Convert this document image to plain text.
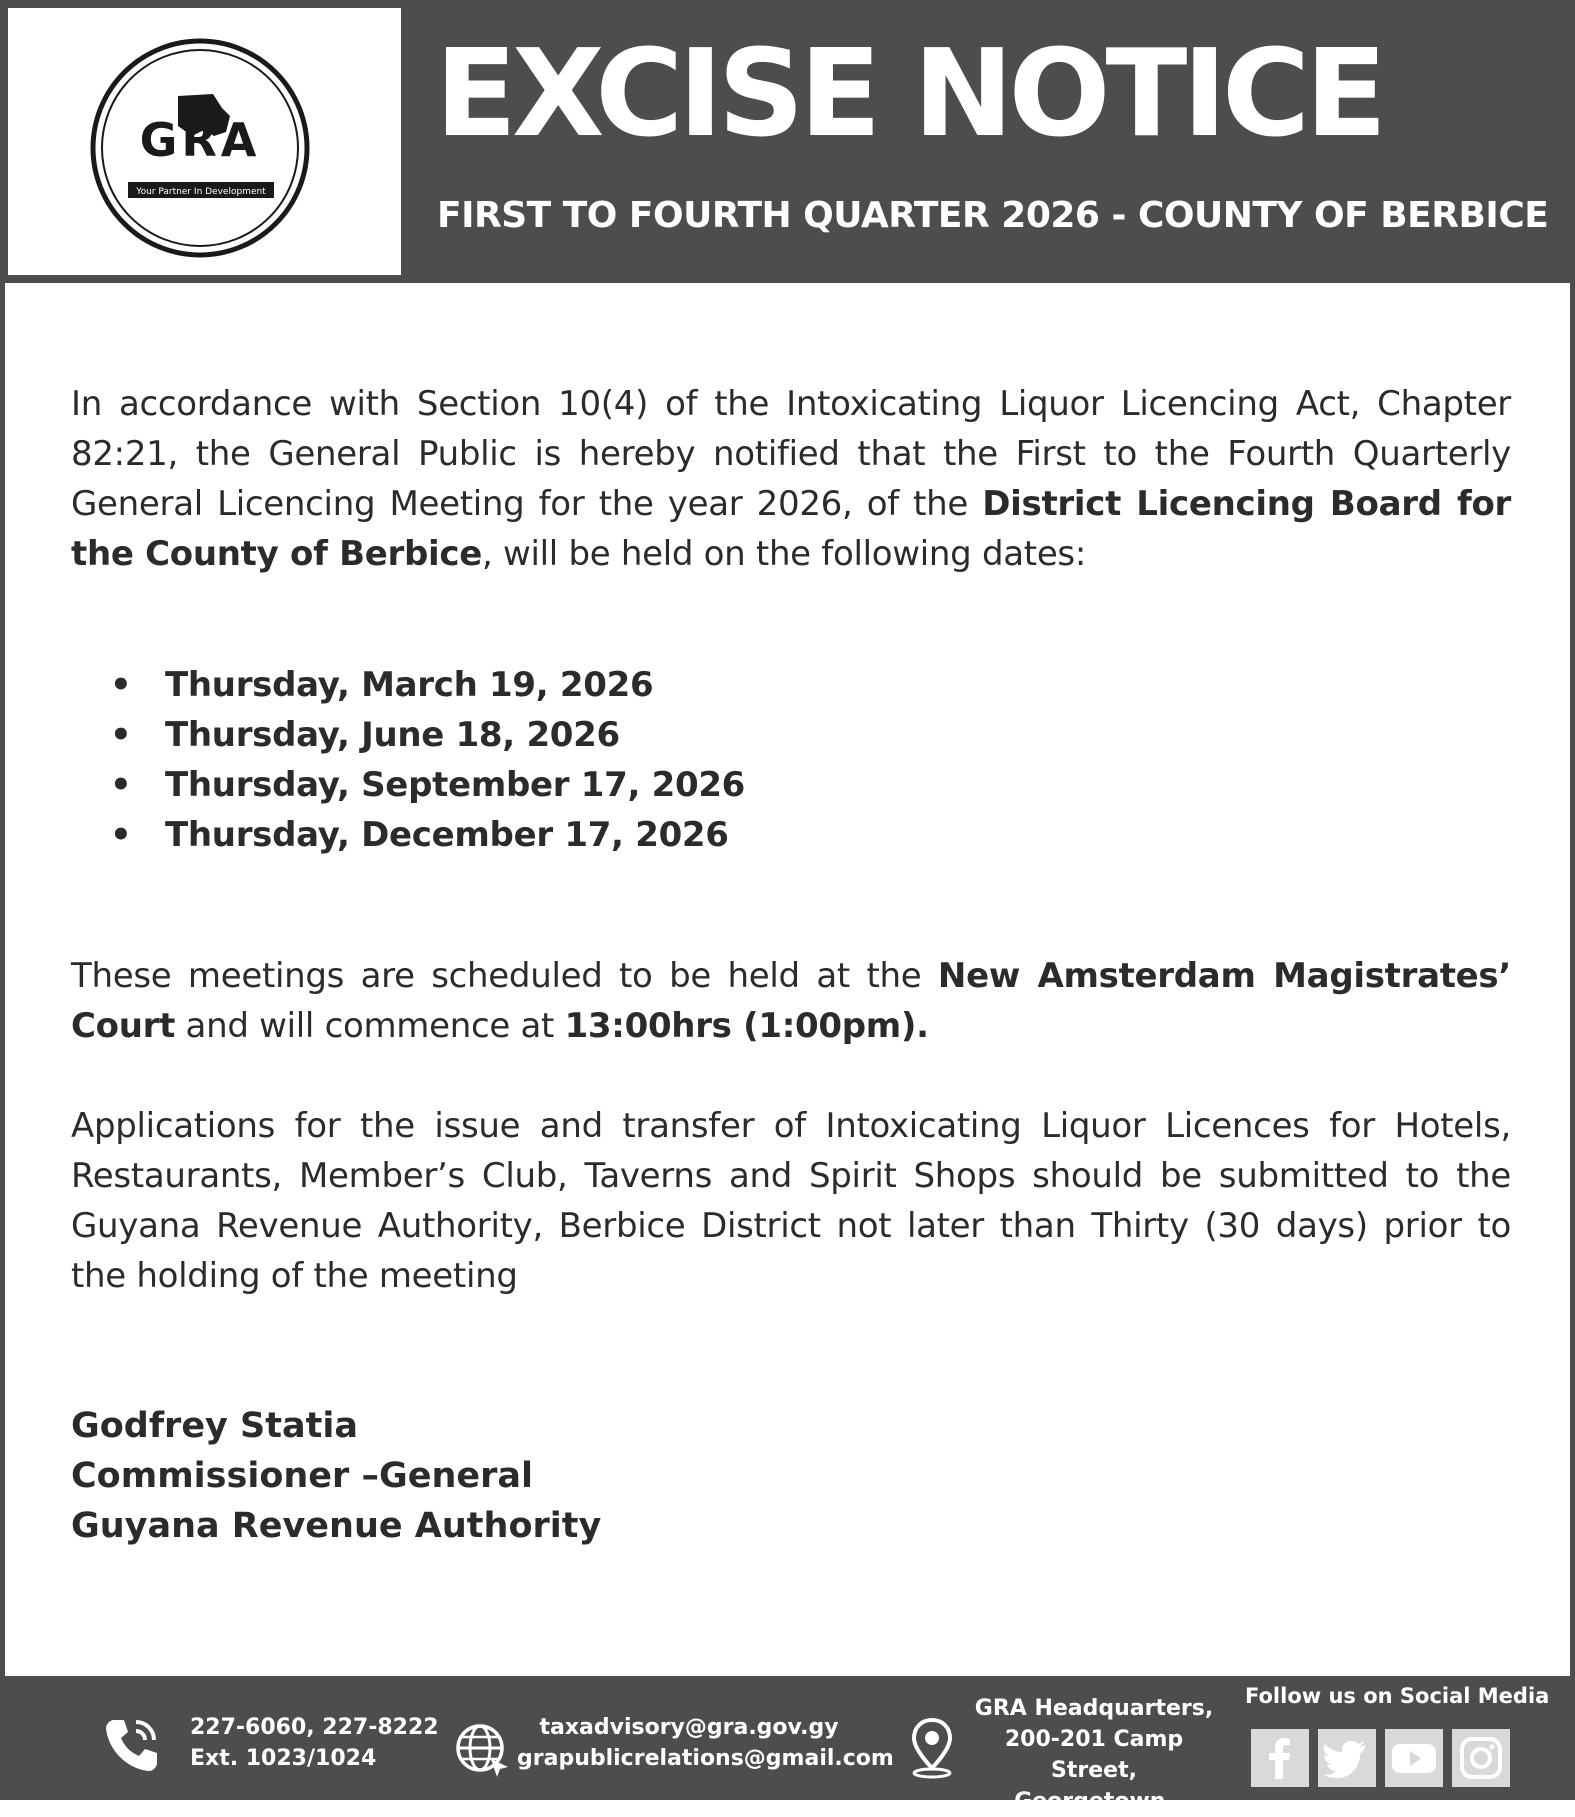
GRA
Your Partner In Development
EXCISE NOTICE
FIRST TO FOURTH QUARTER 2026 - COUNTY OF BERBICE
In accordance with Section 10(4) of the Intoxicating Liquor Licencing Act, Chapter 82:21, the General Public is hereby notified that the First to the Fourth Quarterly General Licencing Meeting for the year 2026, of the District Licencing Board for the County of Berbice, will be held on the following dates:
• Thursday, March 19, 2026
• Thursday, June 18, 2026
• Thursday, September 17, 2026
• Thursday, December 17, 2026
These meetings are scheduled to be held at the New Amsterdam Magistrates’ Court and will commence at 13:00hrs (1:00pm).
Applications for the issue and transfer of Intoxicating Liquor Licences for Hotels, Restaurants, Member’s Club, Taverns and Spirit Shops should be submitted to the Guyana Revenue Authority, Berbice District not later than Thirty (30 days) prior to the holding of the meeting
Godfrey Statia
Commissioner –General
Guyana Revenue Authority
227-6060, 227-8222
Ext. 1023/1024
taxadvisory@gra.gov.gy
grapublicrelations@gmail.com
GRA Headquarters,
200-201 Camp Street,
Georgetown.
Follow us on Social Media
